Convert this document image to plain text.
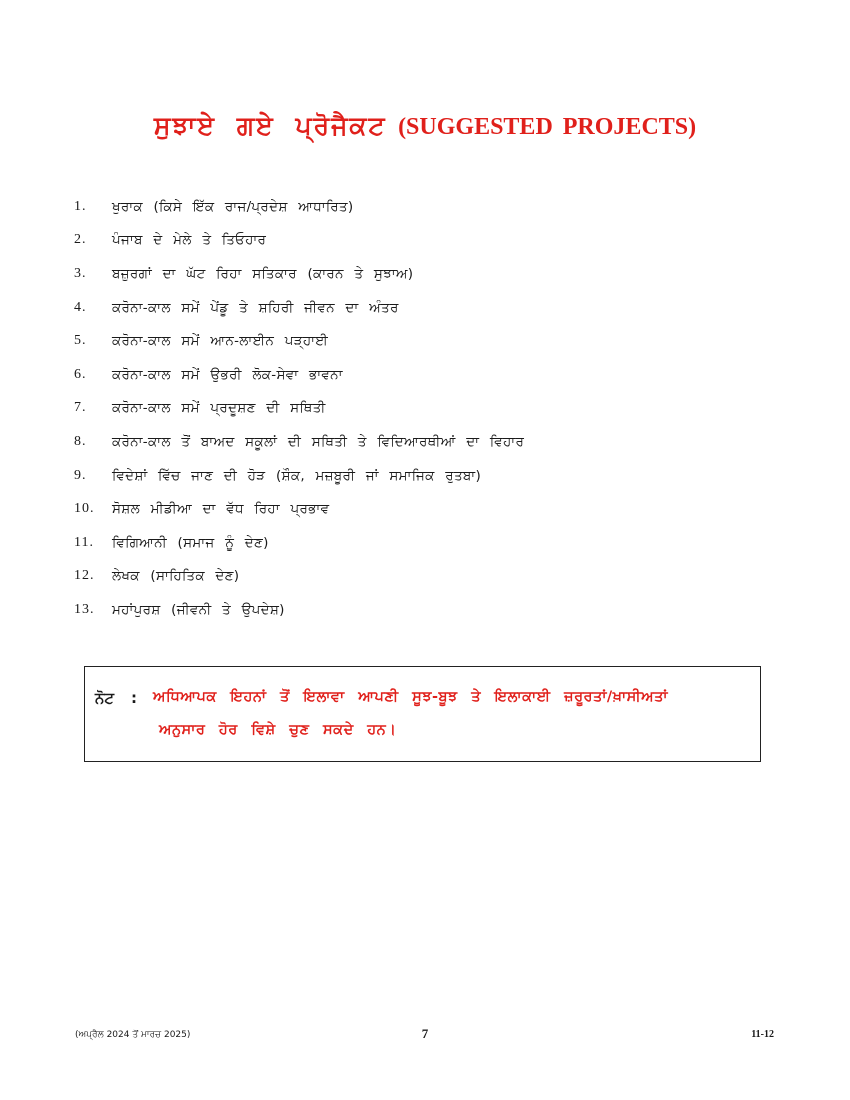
ਸੁਝਾਏ ਗਏ ਪ੍ਰੋਜੈਕਟ (SUGGESTED PROJECTS)
1.	ਖੁਰਾਕ (ਕਿਸੇ ਇੱਕ ਰਾਜ/ਪ੍ਰਦੇਸ਼ ਆਧਾਰਿਤ)
2.	ਪੰਜਾਬ ਦੇ ਮੇਲੇ ਤੇ ਤਿਓਹਾਰ
3.	ਬਜ਼ੁਰਗਾਂ ਦਾ ਘੱਟ ਰਿਹਾ ਸਤਿਕਾਰ (ਕਾਰਨ ਤੇ ਸੁਝਾਅ)
4.	ਕਰੋਨਾ-ਕਾਲ ਸਮੇਂ ਪੇਂਡੂ ਤੇ ਸ਼ਹਿਰੀ ਜੀਵਨ ਦਾ ਅੰਤਰ
5.	ਕਰੋਨਾ-ਕਾਲ ਸਮੇਂ ਆਨ-ਲਾਈਨ ਪੜ੍ਹਾਈ
6.	ਕਰੋਨਾ-ਕਾਲ ਸਮੇਂ ਉਭਰੀ ਲੋਕ-ਸੇਵਾ ਭਾਵਨਾ
7.	ਕਰੋਨਾ-ਕਾਲ ਸਮੇਂ ਪ੍ਰਦੂਸ਼ਣ ਦੀ ਸਥਿਤੀ
8.	ਕਰੋਨਾ-ਕਾਲ ਤੋਂ ਬਾਅਦ ਸਕੂਲਾਂ ਦੀ ਸਥਿਤੀ ਤੇ ਵਿਦਿਆਰਥੀਆਂ ਦਾ ਵਿਹਾਰ
9.	ਵਿਦੇਸ਼ਾਂ ਵਿੱਚ ਜਾਣ ਦੀ ਹੋੜ (ਸ਼ੌਕ, ਮਜ਼ਬੂਰੀ ਜਾਂ ਸਮਾਜਿਕ ਰੁਤਬਾ)
10.	ਸੋਸ਼ਲ ਮੀਡੀਆ ਦਾ ਵੱਧ ਰਿਹਾ ਪ੍ਰਭਾਵ
11.	ਵਿਗਿਆਨੀ (ਸਮਾਜ ਨੂੰ ਦੇਣ)
12.	ਲੇਖਕ (ਸਾਹਿਤਿਕ ਦੇਣ)
13.	ਮਹਾਂਪੁਰਸ਼ (ਜੀਵਨੀ ਤੇ ਉਪਦੇਸ਼)
ਨੋਟ : ਅਧਿਆਪਕ ਇਹਨਾਂ ਤੋਂ ਇਲਾਵਾ ਆਪਣੀ ਸੂਝ-ਬੂਝ ਤੇ ਇਲਾਕਾਈ ਜ਼ਰੂਰਤਾਂ/ਖ਼ਾਸੀਅਤਾਂ
ਅਨੁਸਾਰ ਹੋਰ ਵਿਸ਼ੇ ਚੁਣ ਸਕਦੇ ਹਨ।
(ਅਪ੍ਰੈਲ 2024 ਤੋਂ ਮਾਰਚ 2025)	7	11-12
